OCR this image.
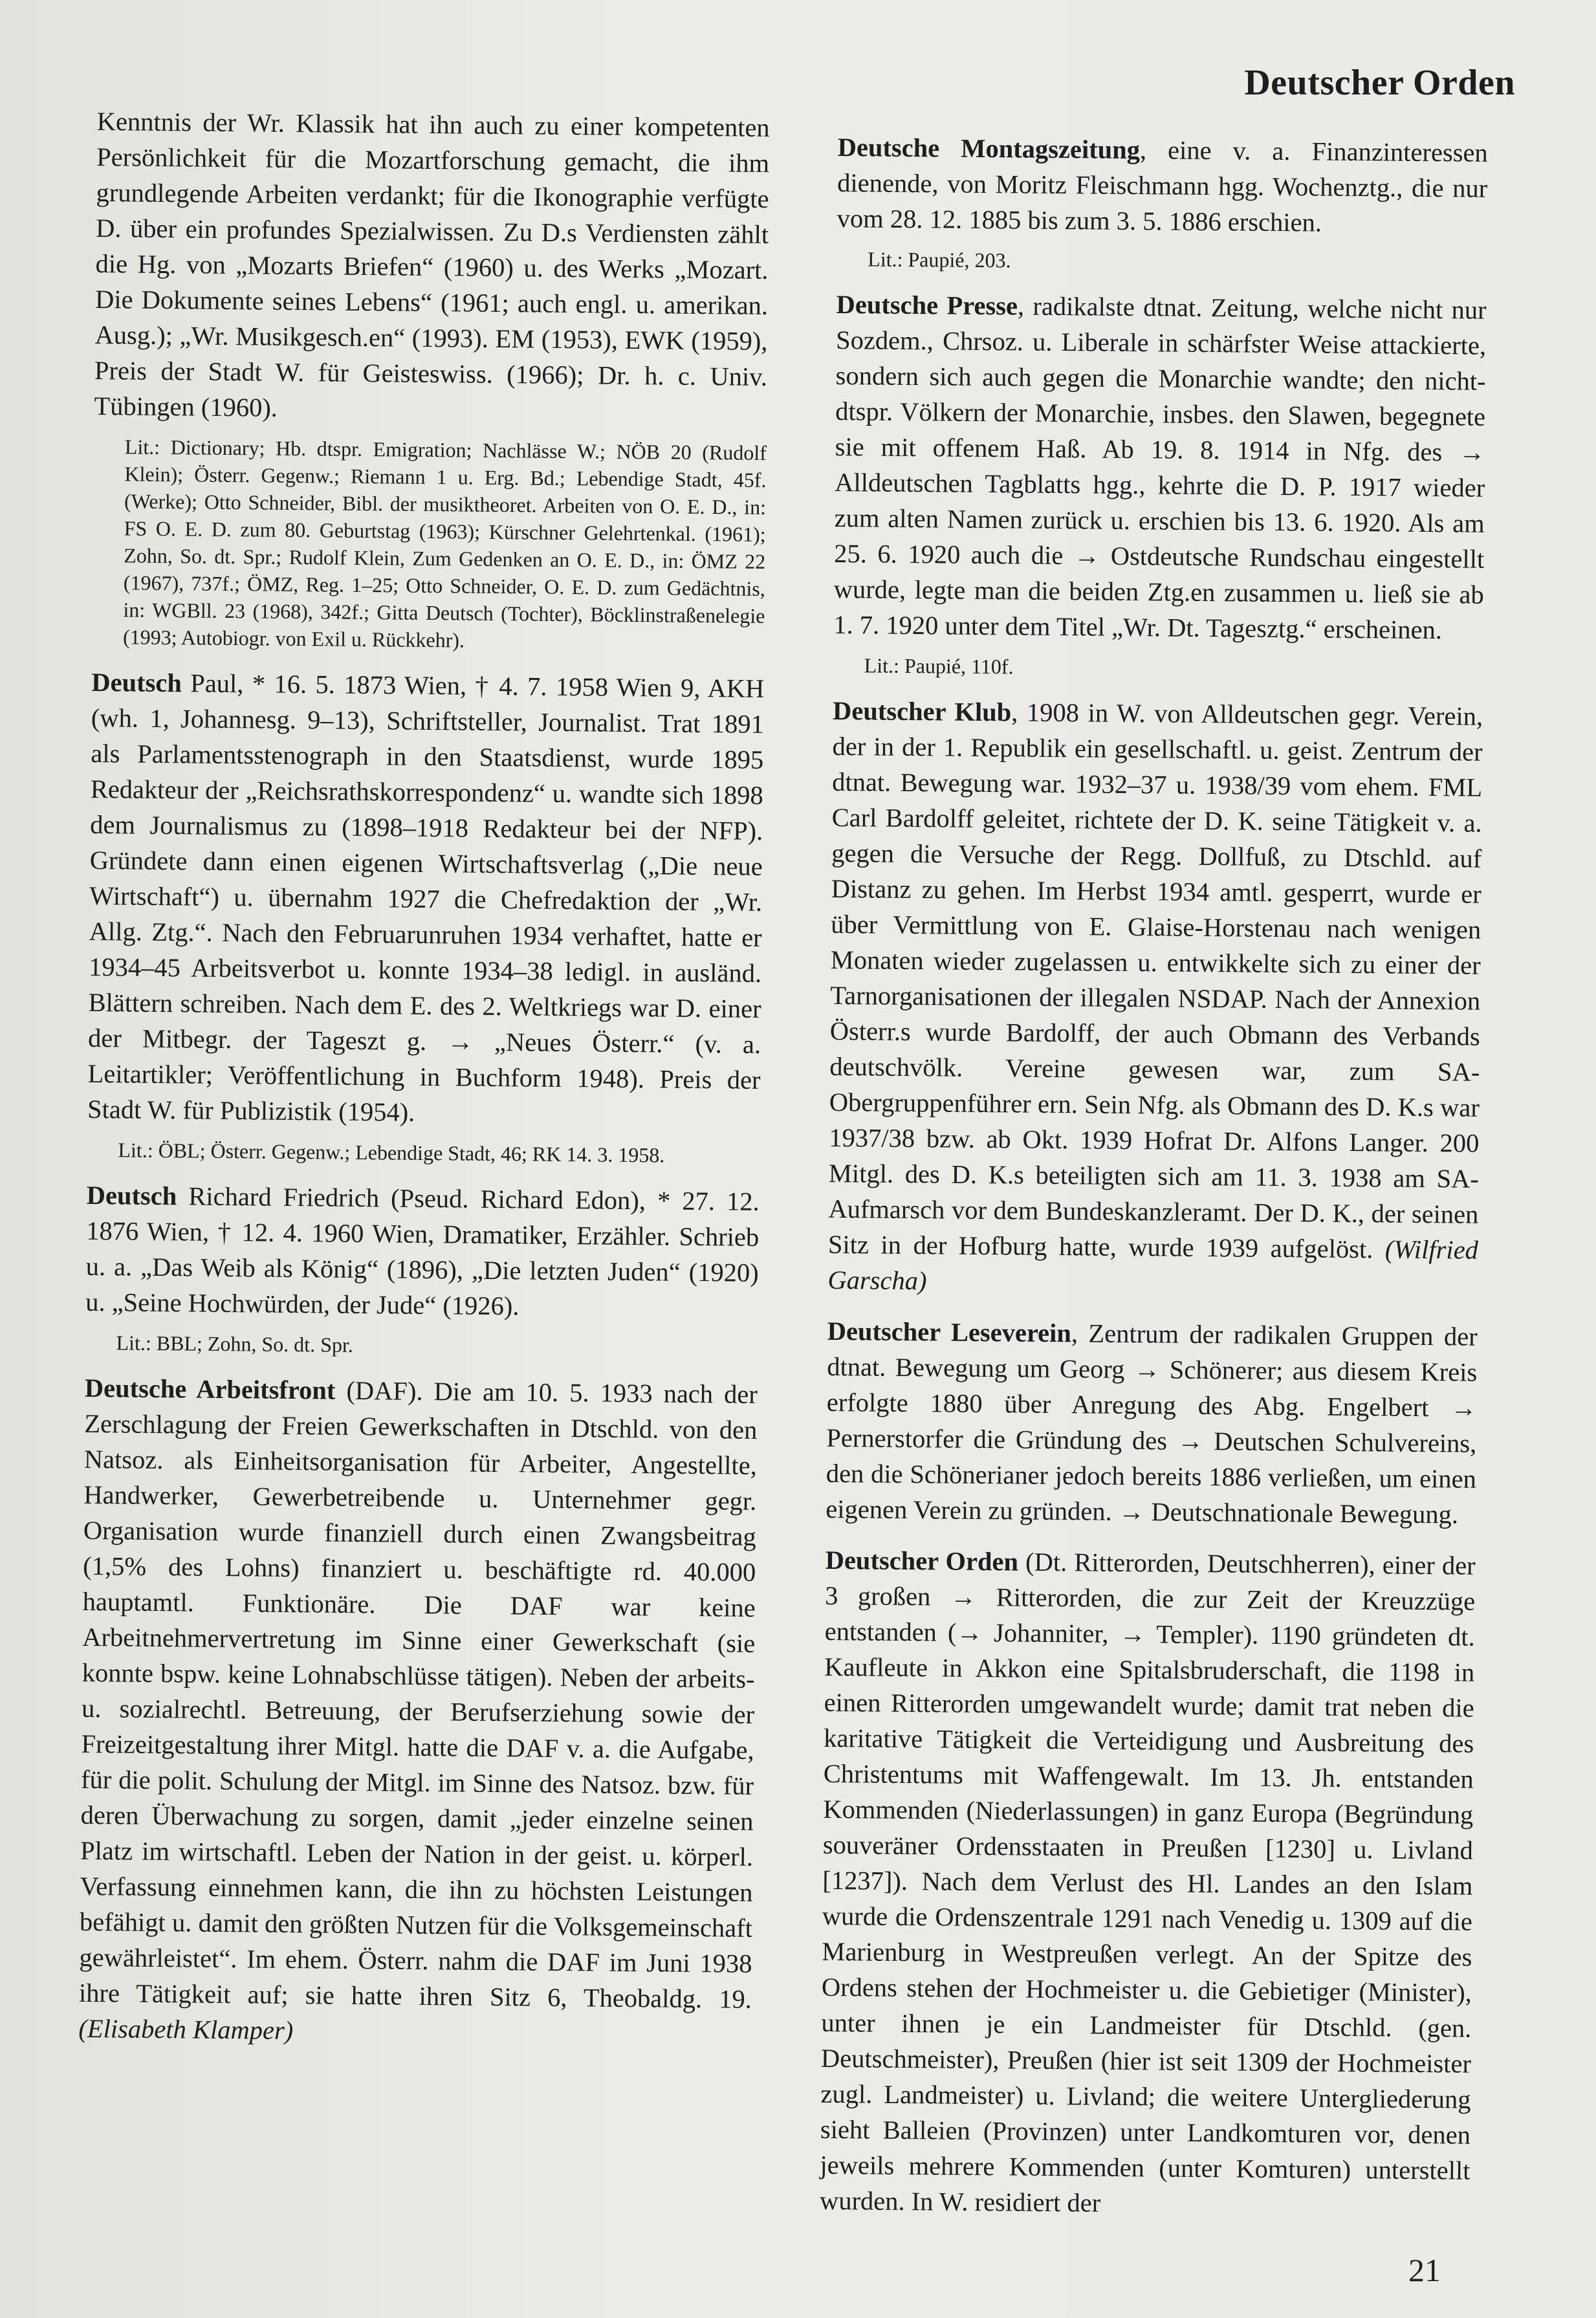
Deutscher Orden

Kenntnis der Wr. Klassik hat ihn auch zu einer kompetenten Persönlichkeit für die Mozartforschung gemacht, die ihm grundlegende Arbeiten verdankt; für die Ikonographie verfügte D. über ein profundes Spezialwissen. Zu D.s Verdiensten zählt die Hg. von „Mozarts Briefen“ (1960) u. des Werks „Mozart. Die Dokumente seines Lebens“ (1961; auch engl. u. amerikan. Ausg.); „Wr. Musikgesch.en“ (1993). EM (1953), EWK (1959), Preis der Stadt W. für Geisteswiss. (1966); Dr. h. c. Univ. Tübingen (1960).

Lit.: Dictionary; Hb. dtspr. Emigration; Nachlässe W.; NÖB 20 (Rudolf Klein); Österr. Gegenw.; Riemann 1 u. Erg. Bd.; Lebendige Stadt, 45f. (Werke); Otto Schneider, Bibl. der musiktheoret. Arbeiten von O. E. D., in: FS O. E. D. zum 80. Geburtstag (1963); Kürschner Gelehrtenkal. (1961); Zohn, So. dt. Spr.; Rudolf Klein, Zum Gedenken an O. E. D., in: ÖMZ 22 (1967), 737f.; ÖMZ, Reg. 1–25; Otto Schneider, O. E. D. zum Gedächtnis, in: WGBll. 23 (1968), 342f.; Gitta Deutsch (Tochter), Böcklinstraßenelegie (1993; Autobiogr. von Exil u. Rückkehr).

Deutsch Paul, * 16. 5. 1873 Wien, † 4. 7. 1958 Wien 9, AKH (wh. 1, Johannesg. 9–13), Schriftsteller, Journalist. Trat 1891 als Parlamentsstenograph in den Staatsdienst, wurde 1895 Redakteur der „Reichsrathskorrespondenz“ u. wandte sich 1898 dem Journalismus zu (1898–1918 Redakteur bei der NFP). Gründete dann einen eigenen Wirtschaftsverlag („Die neue Wirtschaft“) u. übernahm 1927 die Chefredaktion der „Wr. Allg. Ztg.“. Nach den Februarunruhen 1934 verhaftet, hatte er 1934–45 Arbeitsverbot u. konnte 1934–38 ledigl. in ausländ. Blättern schreiben. Nach dem E. des 2. Weltkriegs war D. einer der Mitbegr. der Tageszt g. → „Neues Österr.“ (v. a. Leitartikler; Veröffentlichung in Buchform 1948). Preis der Stadt W. für Publizistik (1954).

Lit.: ÖBL; Österr. Gegenw.; Lebendige Stadt, 46; RK 14. 3. 1958.

Deutsch Richard Friedrich (Pseud. Richard Edon), * 27. 12. 1876 Wien, † 12. 4. 1960 Wien, Dramatiker, Erzähler. Schrieb u. a. „Das Weib als König“ (1896), „Die letzten Juden“ (1920) u. „Seine Hochwürden, der Jude“ (1926).

Lit.: BBL; Zohn, So. dt. Spr.

Deutsche Arbeitsfront (DAF). Die am 10. 5. 1933 nach der Zerschlagung der Freien Gewerkschaften in Dtschld. von den Natsoz. als Einheitsorganisation für Arbeiter, Angestellte, Handwerker, Gewerbetreibende u. Unternehmer gegr. Organisation wurde finanziell durch einen Zwangsbeitrag (1,5% des Lohns) finanziert u. beschäftigte rd. 40.000 hauptamtl. Funktionäre. Die DAF war keine Arbeitnehmervertretung im Sinne einer Gewerkschaft (sie konnte bspw. keine Lohnabschlüsse tätigen). Neben der arbeits- u. sozialrechtl. Betreuung, der Berufserziehung sowie der Freizeitgestaltung ihrer Mitgl. hatte die DAF v. a. die Aufgabe, für die polit. Schulung der Mitgl. im Sinne des Natsoz. bzw. für deren Überwachung zu sorgen, damit „jeder einzelne seinen Platz im wirtschaftl. Leben der Nation in der geist. u. körperl. Verfassung einnehmen kann, die ihn zu höchsten Leistungen befähigt u. damit den größten Nutzen für die Volksgemeinschaft gewährleistet“. Im ehem. Österr. nahm die DAF im Juni 1938 ihre Tätigkeit auf; sie hatte ihren Sitz 6, Theobaldg. 19. (Elisabeth Klamper)

Deutsche Montagszeitung, eine v. a. Finanzinteressen dienende, von Moritz Fleischmann hgg. Wochenztg., die nur vom 28. 12. 1885 bis zum 3. 5. 1886 erschien.

Lit.: Paupié, 203.

Deutsche Presse, radikalste dtnat. Zeitung, welche nicht nur Sozdem., Chrsoz. u. Liberale in schärfster Weise attackierte, sondern sich auch gegen die Monarchie wandte; den nicht-dtspr. Völkern der Monarchie, insbes. den Slawen, begegnete sie mit offenem Haß. Ab 19. 8. 1914 in Nfg. des → Alldeutschen Tagblatts hgg., kehrte die D. P. 1917 wieder zum alten Namen zurück u. erschien bis 13. 6. 1920. Als am 25. 6. 1920 auch die → Ostdeutsche Rundschau eingestellt wurde, legte man die beiden Ztg.en zusammen u. ließ sie ab 1. 7. 1920 unter dem Titel „Wr. Dt. Tagesztg.“ erscheinen.

Lit.: Paupié, 110f.

Deutscher Klub, 1908 in W. von Alldeutschen gegr. Verein, der in der 1. Republik ein gesellschaftl. u. geist. Zentrum der dtnat. Bewegung war. 1932–37 u. 1938/39 vom ehem. FML Carl Bardolff geleitet, richtete der D. K. seine Tätigkeit v. a. gegen die Versuche der Regg. Dollfuß, zu Dtschld. auf Distanz zu gehen. Im Herbst 1934 amtl. gesperrt, wurde er über Vermittlung von E. Glaise-Horstenau nach wenigen Monaten wieder zugelassen u. entwikkelte sich zu einer der Tarnorganisationen der illegalen NSDAP. Nach der Annexion Österr.s wurde Bardolff, der auch Obmann des Verbands deutschvölk. Vereine gewesen war, zum SA-Obergruppenführer ern. Sein Nfg. als Obmann des D. K.s war 1937/38 bzw. ab Okt. 1939 Hofrat Dr. Alfons Langer. 200 Mitgl. des D. K.s beteiligten sich am 11. 3. 1938 am SA-Aufmarsch vor dem Bundeskanzleramt. Der D. K., der seinen Sitz in der Hofburg hatte, wurde 1939 aufgelöst. (Wilfried Garscha)

Deutscher Leseverein, Zentrum der radikalen Gruppen der dtnat. Bewegung um Georg → Schönerer; aus diesem Kreis erfolgte 1880 über Anregung des Abg. Engelbert → Pernerstorfer die Gründung des → Deutschen Schulvereins, den die Schönerianer jedoch bereits 1886 verließen, um einen eigenen Verein zu gründen. → Deutschnationale Bewegung.

Deutscher Orden (Dt. Ritterorden, Deutschherren), einer der 3 großen → Ritterorden, die zur Zeit der Kreuzzüge entstanden (→ Johanniter, → Templer). 1190 gründeten dt. Kaufleute in Akkon eine Spitalsbruderschaft, die 1198 in einen Ritterorden umgewandelt wurde; damit trat neben die karitative Tätigkeit die Verteidigung und Ausbreitung des Christentums mit Waffengewalt. Im 13. Jh. entstanden Kommenden (Niederlassungen) in ganz Europa (Begründung souveräner Ordensstaaten in Preußen [1230] u. Livland [1237]). Nach dem Verlust des Hl. Landes an den Islam wurde die Ordenszentrale 1291 nach Venedig u. 1309 auf die Marienburg in Westpreußen verlegt. An der Spitze des Ordens stehen der Hochmeister u. die Gebietiger (Minister), unter ihnen je ein Landmeister für Dtschld. (gen. Deutschmeister), Preußen (hier ist seit 1309 der Hochmeister zugl. Landmeister) u. Livland; die weitere Untergliederung sieht Balleien (Provinzen) unter Landkomturen vor, denen jeweils mehrere Kommenden (unter Komturen) unterstellt wurden. In W. residiert der

21
